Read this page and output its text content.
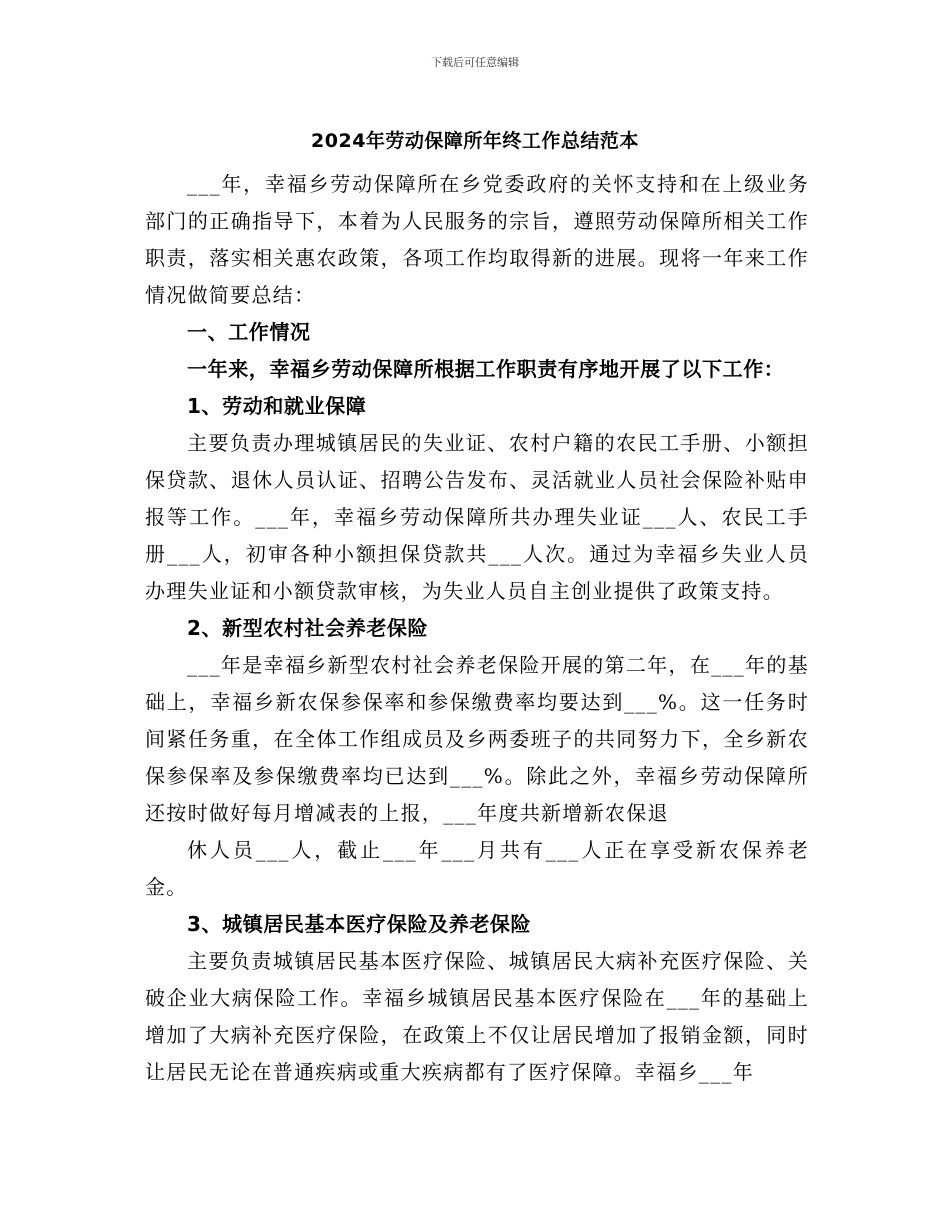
下载后可任意编辑
2024年劳动保障所年终工作总结范本

___年，幸福乡劳动保障所在乡党委政府的关怀支持和在上级业务部门的正确指导下，本着为人民服务的宗旨，遵照劳动保障所相关工作职责，落实相关惠农政策，各项工作均取得新的进展。现将一年来工作情况做简要总结：

一、工作情况

一年来，幸福乡劳动保障所根据工作职责有序地开展了以下工作：

1、劳动和就业保障

主要负责办理城镇居民的失业证、农村户籍的农民工手册、小额担保贷款、退休人员认证、招聘公告发布、灵活就业人员社会保险补贴申报等工作。___年，幸福乡劳动保障所共办理失业证___人、农民工手册___人，初审各种小额担保贷款共___人次。通过为幸福乡失业人员办理失业证和小额贷款审核，为失业人员自主创业提供了政策支持。

2、新型农村社会养老保险

___年是幸福乡新型农村社会养老保险开展的第二年，在___年的基础上，幸福乡新农保参保率和参保缴费率均要达到___%。这一任务时间紧任务重，在全体工作组成员及乡两委班子的共同努力下，全乡新农保参保率及参保缴费率均已达到___%。除此之外，幸福乡劳动保障所还按时做好每月增减表的上报，___年度共新增新农保退

休人员___人，截止___年___月共有___人正在享受新农保养老金。

3、城镇居民基本医疗保险及养老保险

主要负责城镇居民基本医疗保险、城镇居民大病补充医疗保险、关破企业大病保险工作。幸福乡城镇居民基本医疗保险在___年的基础上增加了大病补充医疗保险，在政策上不仅让居民增加了报销金额，同时让居民无论在普通疾病或重大疾病都有了医疗保障。幸福乡___年
